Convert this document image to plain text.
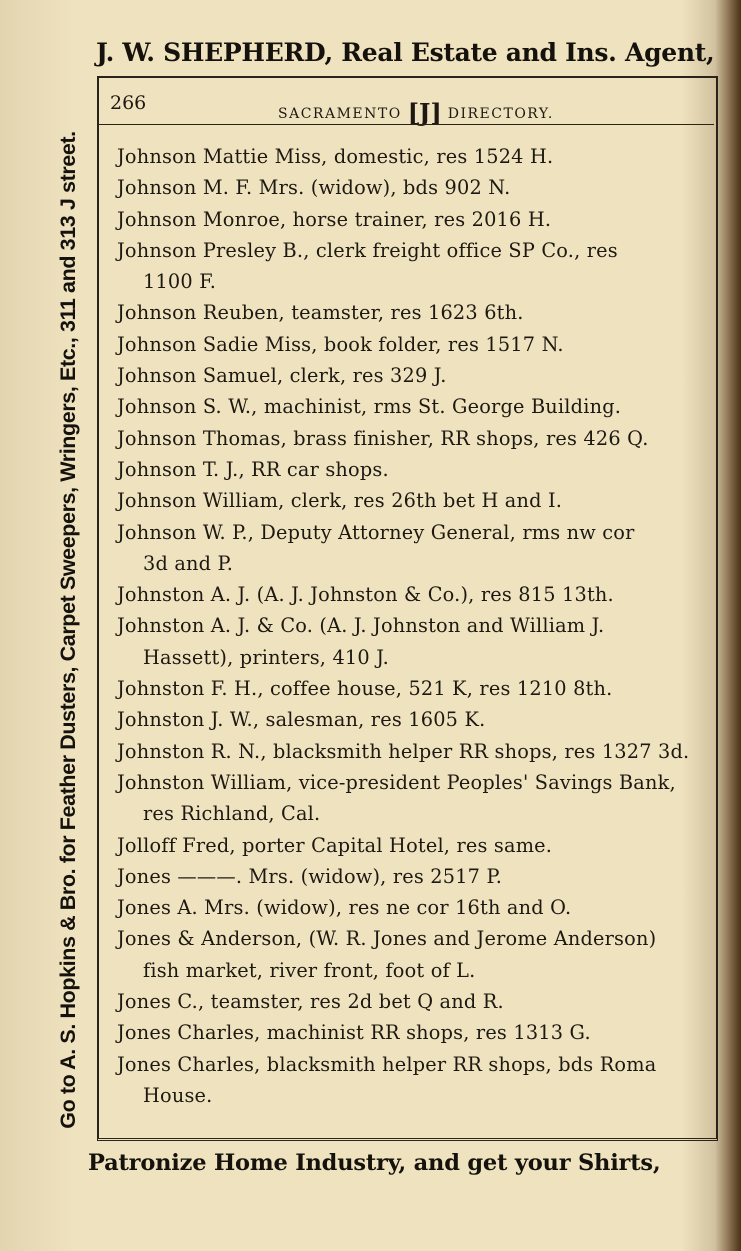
J. W. SHEPHERD, Real Estate and Ins. Agent,
Go to A. S. Hopkins & Bro. for Feather Dusters, Carpet Sweepers, Wringers, Etc., 311 and 313 J street.
266	SACRAMENTO [J] DIRECTORY.
Johnson Mattie Miss, domestic, res 1524 H.
Johnson M. F. Mrs. (widow), bds 902 N.
Johnson Monroe, horse trainer, res 2016 H.
Johnson Presley B., clerk freight office SP Co., res
1100 F.
Johnson Reuben, teamster, res 1623 6th.
Johnson Sadie Miss, book folder, res 1517 N.
Johnson Samuel, clerk, res 329 J.
Johnson S. W., machinist, rms St. George Building.
Johnson Thomas, brass finisher, RR shops, res 426 Q.
Johnson T. J., RR car shops.
Johnson William, clerk, res 26th bet H and I.
Johnson W. P., Deputy Attorney General, rms nw cor
3d and P.
Johnston A. J. (A. J. Johnston & Co.), res 815 13th.
Johnston A. J. & Co. (A. J. Johnston and William J.
Hassett), printers, 410 J.
Johnston F. H., coffee house, 521 K, res 1210 8th.
Johnston J. W., salesman, res 1605 K.
Johnston R. N., blacksmith helper RR shops, res 1327 3d.
Johnston William, vice-president Peoples' Savings Bank,
res Richland, Cal.
Jolloff Fred, porter Capital Hotel, res same.
Jones ———. Mrs. (widow), res 2517 P.
Jones A. Mrs. (widow), res ne cor 16th and O.
Jones & Anderson, (W. R. Jones and Jerome Anderson)
fish market, river front, foot of L.
Jones C., teamster, res 2d bet Q and R.
Jones Charles, machinist RR shops, res 1313 G.
Jones Charles, blacksmith helper RR shops, bds Roma
House.
Patronize Home Industry, and get your Shirts,
